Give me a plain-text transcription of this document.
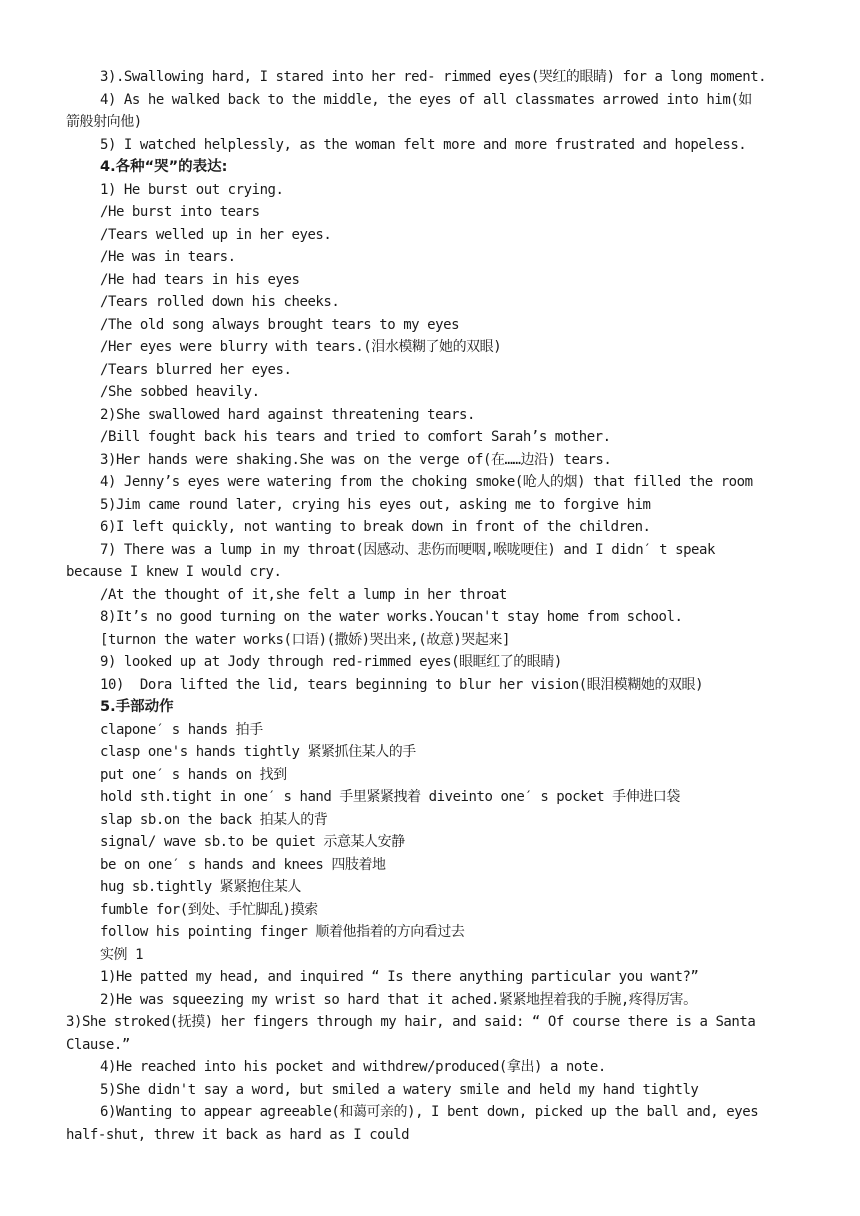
3).Swallowing hard, I stared into her red- rimmed eyes(哭红的眼睛) for a long moment.
4) As he walked back to the middle, the eyes of all classmates arrowed into him(如
箭般射向他)
5) I watched helplessly, as the woman felt more and more frustrated and hopeless.
4.各种“哭”的表达:
1) He burst out crying.
/He burst into tears
/Tears welled up in her eyes.
/He was in tears.
/He had tears in his eyes
/Tears rolled down his cheeks.
/The old song always brought tears to my eyes
/Her eyes were blurry with tears.(泪水模糊了她的双眼)
/Tears blurred her eyes.
/She sobbed heavily.
2)She swallowed hard against threatening tears.
/Bill fought back his tears and tried to comfort Sarah’s mother.
3)Her hands were shaking.She was on the verge of(在……边沿) tears.
4) Jenny’s eyes were watering from the choking smoke(呛人的烟) that filled the room
5)Jim came round later, crying his eyes out, asking me to forgive him
6)I left quickly, not wanting to break down in front of the children.
7) There was a lump in my throat(因感动、悲伤而哽咽,喉咙哽住) and I didn′ t speak
because I knew I would cry.
/At the thought of it,she felt a lump in her throat
8)It’s no good turning on the water works.Youcan't stay home from school.
[turnon the water works(口语)(撒娇)哭出来,(故意)哭起来]
9) looked up at Jody through red-rimmed eyes(眼眶红了的眼睛)
10)  Dora lifted the lid, tears beginning to blur her vision(眼泪模糊她的双眼)
5.手部动作
clapone′ s hands 拍手
clasp one's hands tightly 紧紧抓住某人的手
put one′ s hands on 找到
hold sth.tight in one′ s hand 手里紧紧拽着 diveinto one′ s pocket 手伸进口袋
slap sb.on the back 拍某人的背
signal/ wave sb.to be quiet 示意某人安静
be on one′ s hands and knees 四肢着地
hug sb.tightly 紧紧抱住某人
fumble for(到处、手忙脚乱)摸索
follow his pointing finger 顺着他指着的方向看过去
实例 1
1)He patted my head, and inquired “ Is there anything particular you want?”
2)He was squeezing my wrist so hard that it ached.紧紧地捏着我的手腕,疼得厉害。
3)She stroked(抚摸) her fingers through my hair, and said: “ Of course there is a Santa
Clause.”
4)He reached into his pocket and withdrew/produced(拿出) a note.
5)She didn't say a word, but smiled a watery smile and held my hand tightly
6)Wanting to appear agreeable(和蔼可亲的), I bent down, picked up the ball and, eyes
half-shut, threw it back as hard as I could
